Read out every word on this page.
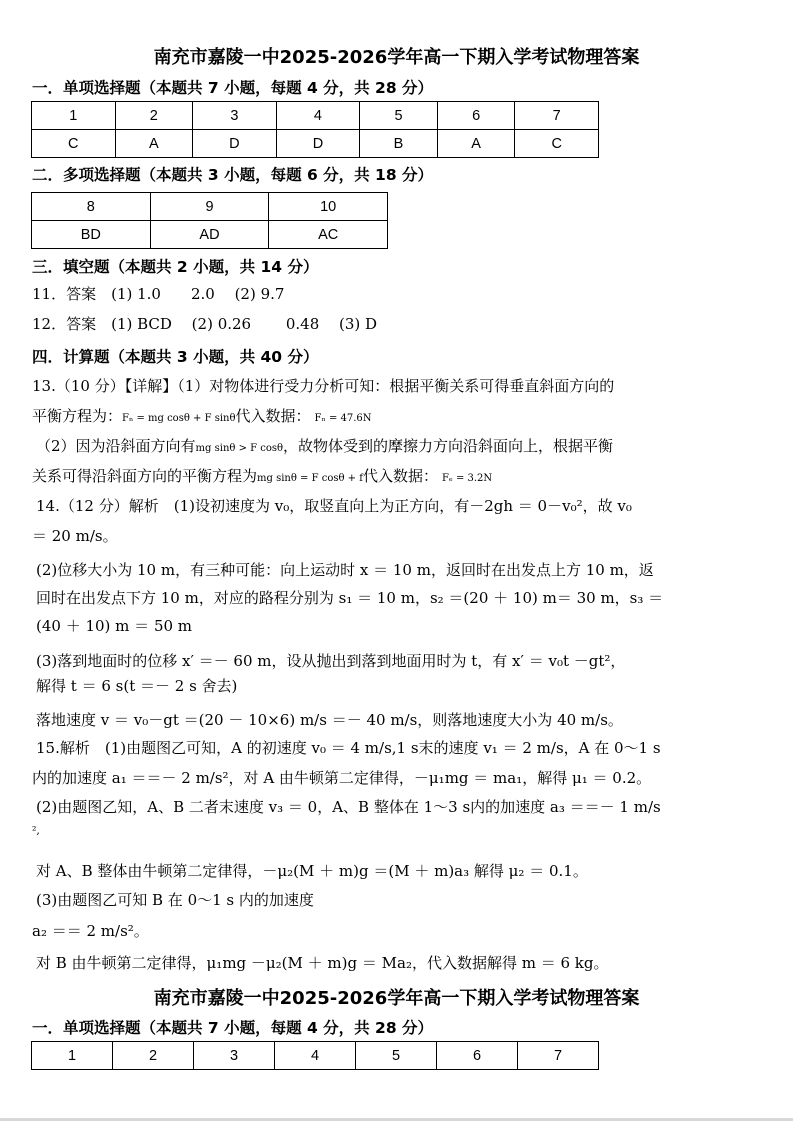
南充市嘉陵一中2025-2026学年高一下期入学考试物理答案
一．单项选择题（本题共 7 小题，每题 4 分，共 28 分）
1	2	3	4	5	6	7
C	A	D	D	B	A	C
二．多项选择题（本题共 3 小题，每题 6 分，共 18 分）
8	9	10
BD	AD	AC
三．填空题（本题共 2 小题，共 14 分）
11．答案　(1) 1.0　　2.0　 (2) 9.7
12．答案　(1) BCD　 (2) 0.26　　 0.48　 (3) D
四．计算题（本题共 3 小题，共 40 分）
13.（10 分）【详解】（1）对物体进行受力分析可知：根据平衡关系可得垂直斜面方向的
平衡方程为：Fₙ = mg cosθ + F sinθ代入数据： Fₙ = 47.6N
（2）因为沿斜面方向有mg sinθ > F cosθ，故物体受到的摩擦力方向沿斜面向上，根据平衡
关系可得沿斜面方向的平衡方程为mg sinθ = F cosθ + f代入数据： Fₑ = 3.2N
14.（12 分）解析　(1)设初速度为 v₀，取竖直向上为正方向，有－2gh ＝ 0－v₀²，故 v₀
＝ 20 m/s。
(2)位移大小为 10 m，有三种可能：向上运动时 x ＝ 10 m，返回时在出发点上方 10 m，返
回时在出发点下方 10 m，对应的路程分别为 s₁ ＝ 10 m，s₂ ＝(20 ＋ 10) m＝ 30 m，s₃ ＝
(40 ＋ 10) m ＝ 50 m
(3)落到地面时的位移 x′ ＝－ 60 m，设从抛出到落到地面用时为 t，有 x′ ＝ v₀t －gt²，
解得 t ＝ 6 s(t ＝－ 2 s 舍去)
落地速度 v ＝ v₀－gt ＝(20 － 10×6) m/s ＝－ 40 m/s，则落地速度大小为 40 m/s。
15.解析　(1)由题图乙可知，A 的初速度 v₀ ＝ 4 m/s,1 s末的速度 v₁ ＝ 2 m/s，A 在 0～1 s
内的加速度 a₁ ＝＝－ 2 m/s²，对 A 由牛顿第二定律得，－μ₁mg ＝ ma₁，解得 μ₁ ＝ 0.2。
(2)由题图乙知，A、B 二者末速度 v₃ ＝ 0，A、B 整体在 1～3 s内的加速度 a₃ ＝＝－ 1 m/s
²,
对 A、B 整体由牛顿第二定律得，－μ₂(M ＋ m)g ＝(M ＋ m)a₃ 解得 μ₂ ＝ 0.1。
(3)由题图乙可知 B 在 0～1 s 内的加速度
a₂ ＝＝ 2 m/s²。
对 B 由牛顿第二定律得，μ₁mg －μ₂(M ＋ m)g ＝ Ma₂，代入数据解得 m ＝ 6 kg。
南充市嘉陵一中2025-2026学年高一下期入学考试物理答案
一．单项选择题（本题共 7 小题，每题 4 分，共 28 分）
1	2	3	4	5	6	7
